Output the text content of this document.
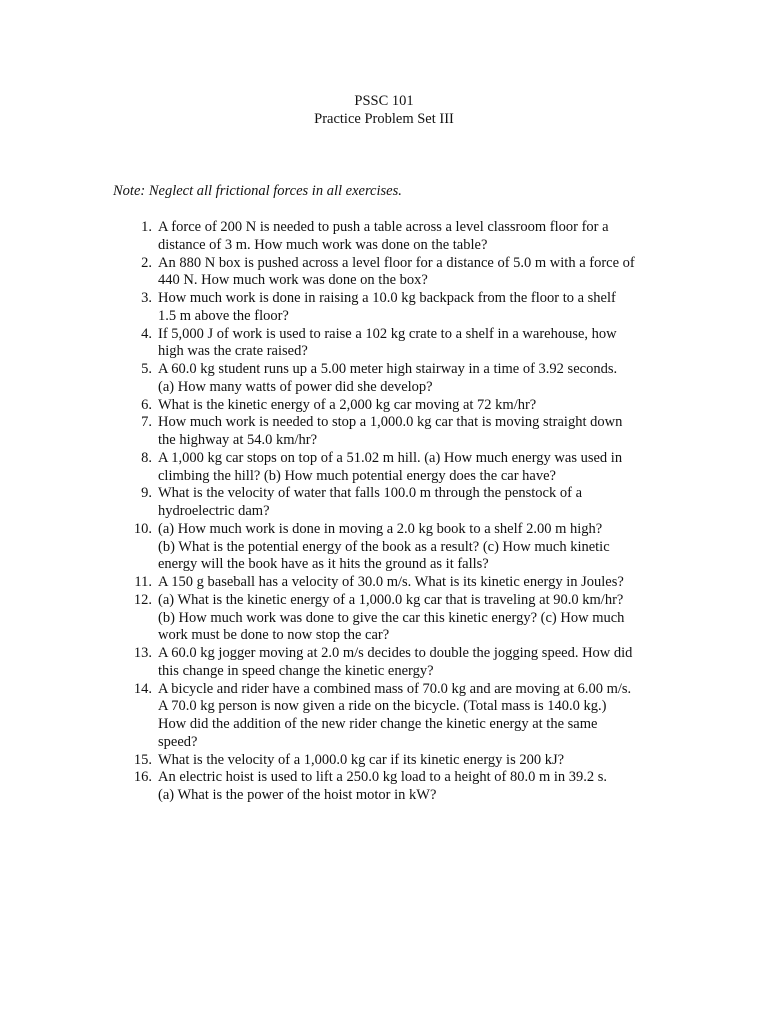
PSSC 101
Practice Problem Set III
Note: Neglect all frictional forces in all exercises.
1. A force of 200 N is needed to push a table across a level classroom floor for a
distance of 3 m. How much work was done on the table?
2. An 880 N box is pushed across a level floor for a distance of 5.0 m with a force of
440 N. How much work was done on the box?
3. How much work is done in raising a 10.0 kg backpack from the floor to a shelf
1.5 m above the floor?
4. If 5,000 J of work is used to raise a 102 kg crate to a shelf in a warehouse, how
high was the crate raised?
5. A 60.0 kg student runs up a 5.00 meter high stairway in a time of 3.92 seconds.
(a) How many watts of power did she develop?
6. What is the kinetic energy of a 2,000 kg car moving at 72 km/hr?
7. How much work is needed to stop a 1,000.0 kg car that is moving straight down
the highway at 54.0 km/hr?
8. A 1,000 kg car stops on top of a 51.02 m hill. (a) How much energy was used in
climbing the hill? (b) How much potential energy does the car have?
9. What is the velocity of water that falls 100.0 m through the penstock of a
hydroelectric dam?
10. (a) How much work is done in moving a 2.0 kg book to a shelf 2.00 m high?
(b) What is the potential energy of the book as a result? (c) How much kinetic
energy will the book have as it hits the ground as it falls?
11. A 150 g baseball has a velocity of 30.0 m/s. What is its kinetic energy in Joules?
12. (a) What is the kinetic energy of a 1,000.0 kg car that is traveling at 90.0 km/hr?
(b) How much work was done to give the car this kinetic energy? (c) How much
work must be done to now stop the car?
13. A 60.0 kg jogger moving at 2.0 m/s decides to double the jogging speed. How did
this change in speed change the kinetic energy?
14. A bicycle and rider have a combined mass of 70.0 kg and are moving at 6.00 m/s.
A 70.0 kg person is now given a ride on the bicycle. (Total mass is 140.0 kg.)
How did the addition of the new rider change the kinetic energy at the same
speed?
15. What is the velocity of a 1,000.0 kg car if its kinetic energy is 200 kJ?
16. An electric hoist is used to lift a 250.0 kg load to a height of 80.0 m in 39.2 s.
(a) What is the power of the hoist motor in kW?
